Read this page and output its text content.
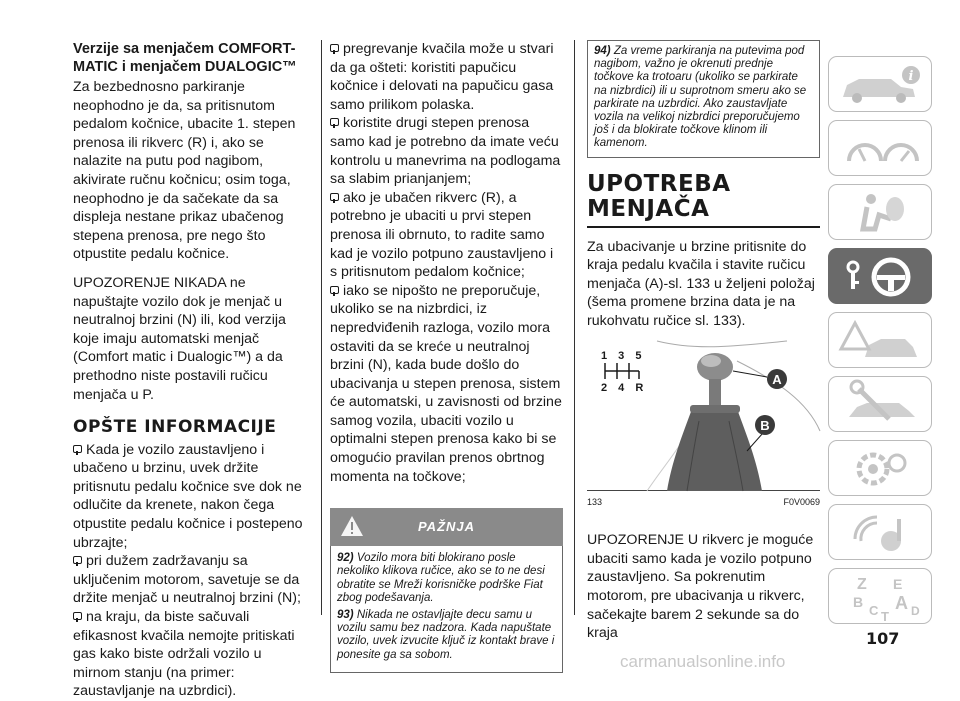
Verzije sa menjačem COMFORT-MATIC i menjačem DUALOGIC™

Za bezbednosno parkiranje neophodno je da, sa pritisnutom pedalom kočnice, ubacite 1. stepen prenosa ili rikverc (R) i, ako se nalazite na putu pod nagibom, akivirate ručnu kočnicu; osim toga, neophodno je da sačekate da sa displeja nestane prikaz ubačenog stepena prenosa, pre nego što otpustite pedalu kočnice.

UPOZORENJE NIKADA ne napuštajte vozilo dok je menjač u neutralnoj brzini (N) ili, kod verzija koje imaju automatski menjač (Comfort matic i Dualogic™) a da prethodno niste postavili ručicu menjača u P.

OPŠTE INFORMACIJE
Kada je vozilo zaustavljeno i ubačeno u brzinu, uvek držite pritisnutu pedalu kočnice sve dok ne odlučite da krenete, nakon čega otpustite pedalu kočnice i postepeno ubrzajte;
pri dužem zadržavanju sa uključenim motorom, savetuje se da držite menjač u neutralnoj brzini (N);
na kraju, da biste sačuvali efikasnost kvačila nemojte pritiskati gas kako biste održali vozilo u mirnom stanju (na primer: zaustavljanje na uzbrdici).
pregrevanje kvačila može u stvari da ga ošteti: koristiti papučicu kočnice i delovati na papučicu gasa samo prilikom polaska.
koristite drugi stepen prenosa samo kad je potrebno da imate veću kontrolu u manevrima na podlogama sa slabim prianjanjem;
ako je ubačen rikverc (R), a potrebno je ubaciti u prvi stepen prenosa ili obrnuto, to radite samo kad je vozilo potpuno zaustavljeno i s pritisnutom pedalom kočnice;
iako se nipošto ne preporučuje, ukoliko se na nizbrdici, iz nepredviđenih razloga, vozilo mora ostaviti da se kreće u neutralnoj brzini (N), kada bude došlo do ubacivanja u stepen prenosa, sistem će automatski, u zavisnosti od brzine samog vozila, ubaciti vozilo u optimalni stepen prenosa kako bi se omogućio pravilan prenos obrtnog momenta na točkove;
PAŽNJA

92) Vozilo mora biti blokirano posle nekoliko klikova ručice, ako se to ne desi obratite se Mreži korisničke podrške Fiat zbog podešavanja.

93) Nikada ne ostavljajte decu samu u vozilu samu bez nadzora. Kada napuštate vozilo, uvek izvucite ključ iz kontakt brave i ponesite ga sa sobom.

94) Za vreme parkiranja na putevima pod nagibom, važno je okrenuti prednje točkove ka trotoaru (ukoliko se parkirate na nizbrdici) ili u suprotnom smeru ako se parkirate na uzbrdici. Ako zaustavljate vozila na velikoj nizbrdici preporučujemo još i da blokirate točkove klinom ili kamenom.
UPOTREBA
MENJAČA

Za ubacivanje u brzine pritisnite do kraja pedalu kvačila i stavite ručicu menjača (A)-sl. 133 u željeni položaj (šema promene brzina data je na rukohvatu ručice sl. 133).

1 3 5
2 4 R
A
B
133	F0V0069

UPOZORENJE U rikverc je moguće ubaciti samo kada je vozilo potpuno zaustavljeno. Sa pokrenutim motorom, pre ubacivanja u rikverc, sačekajte barem 2 sekunde sa do kraja

i
Z E
B A
C	D
T
107
carmanualsonline.info
